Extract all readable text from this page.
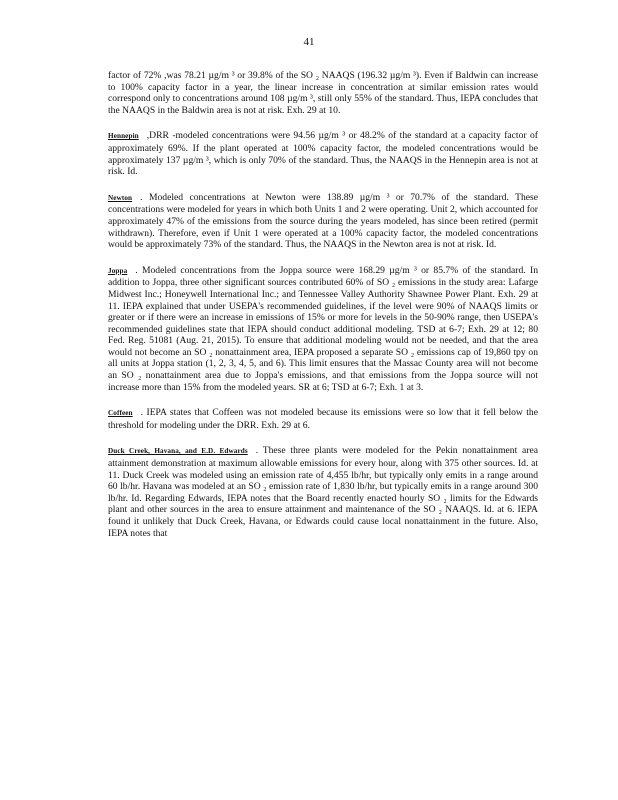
41

factor of 72% ,was 78.21 µg/m ³ or 39.8% of the SO ₂ NAAQS (196.32 µg/m ³). Even if Baldwin can increase to 100% capacity factor in a year, the linear increase in concentration at similar emission rates would correspond only to concentrations around 108 µg/m ³, still only 55% of the standard. Thus, IEPA concludes that the NAAQS in the Baldwin area is not at risk. Exh. 29 at 10.

Hennepin ,DRR -modeled concentrations were 94.56 µg/m ³ or 48.2% of the standard at a capacity factor of approximately 69%. If the plant operated at 100% capacity factor, the modeled concentrations would be approximately 137 µg/m ³, which is only 70% of the standard. Thus, the NAAQS in the Hennepin area is not at risk. Id.

Newton . Modeled concentrations at Newton were 138.89 µg/m ³ or 70.7% of the standard. These concentrations were modeled for years in which both Units 1 and 2 were operating. Unit 2, which accounted for approximately 47% of the emissions from the source during the years modeled, has since been retired (permit withdrawn). Therefore, even if Unit 1 were operated at a 100% capacity factor, the modeled concentrations would be approximately 73% of the standard. Thus, the NAAQS in the Newton area is not at risk. Id.

Joppa . Modeled concentrations from the Joppa source were 168.29 µg/m ³ or 85.7% of the standard. In addition to Joppa, three other significant sources contributed 60% of SO ₂ emissions in the study area: Lafarge Midwest Inc.; Honeywell International Inc.; and Tennessee Valley Authority Shawnee Power Plant. Exh. 29 at 11. IEPA explained that under USEPA's recommended guidelines, if the level were 90% of NAAQS limits or greater or if there were an increase in emissions of 15% or more for levels in the 50-90% range, then USEPA's recommended guidelines state that IEPA should conduct additional modeling. TSD at 6-7; Exh. 29 at 12; 80 Fed. Reg. 51081 (Aug. 21, 2015). To ensure that additional modeling would not be needed, and that the area would not become an SO ₂ nonattainment area, IEPA proposed a separate SO ₂ emissions cap of 19,860 tpy on all units at Joppa station (1, 2, 3, 4, 5, and 6). This limit ensures that the Massac County area will not become an SO ₂ nonattainment area due to Joppa's emissions, and that emissions from the Joppa source will not increase more than 15% from the modeled years. SR at 6; TSD at 6-7; Exh. 1 at 3.

Coffeen . IEPA states that Coffeen was not modeled because its emissions were so low that it fell below the threshold for modeling under the DRR. Exh. 29 at 6.

Duck Creek, Havana, and E.D. Edwards . These three plants were modeled for the Pekin nonattainment area attainment demonstration at maximum allowable emissions for every hour, along with 375 other sources. Id. at 11. Duck Creek was modeled using an emission rate of 4,455 lb/hr, but typically only emits in a range around 60 lb/hr. Havana was modeled at an SO ₂ emission rate of 1,830 lb/hr, but typically emits in a range around 300 lb/hr. Id. Regarding Edwards, IEPA notes that the Board recently enacted hourly SO ₂ limits for the Edwards plant and other sources in the area to ensure attainment and maintenance of the SO ₂ NAAQS. Id. at 6. IEPA found it unlikely that Duck Creek, Havana, or Edwards could cause local nonattainment in the future. Also, IEPA notes that
